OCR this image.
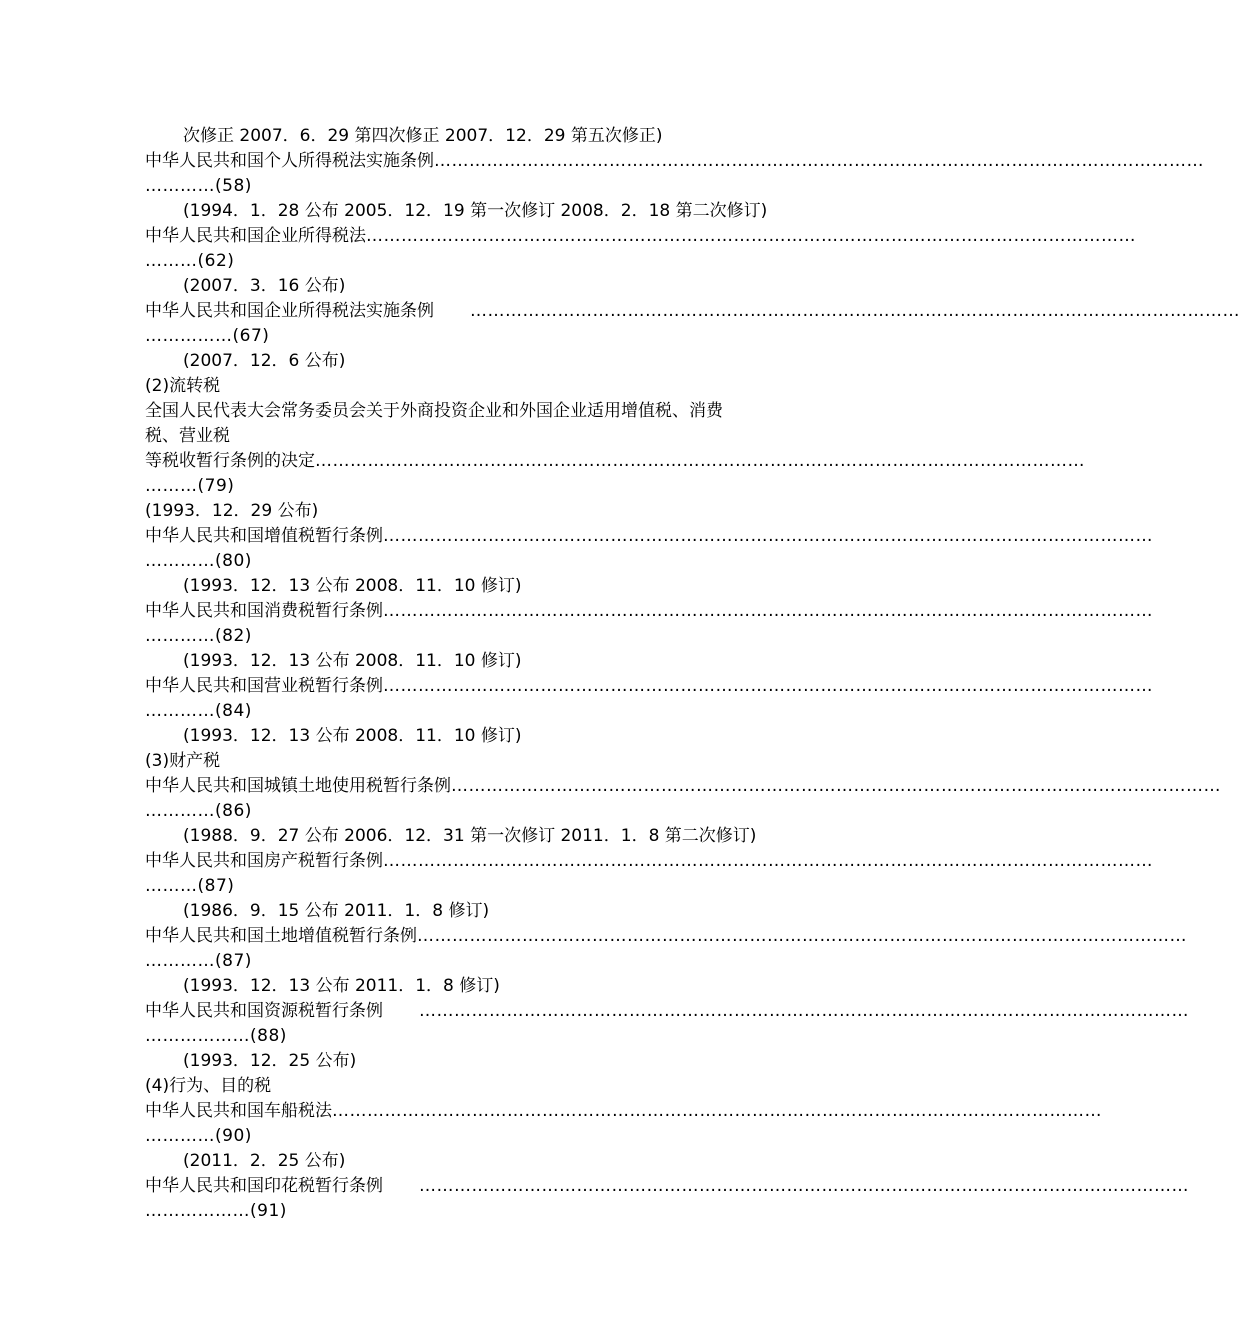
次修正 2007．6．29 第四次修正 2007．12．29 第五次修正)
中华人民共和国个人所得税法实施条例 ……………………………………………………………………………………………………………………
…………(58)
(1994．1．28 公布 2005．12．19 第一次修订 2008．2．18 第二次修订)
中华人民共和国企业所得税法 ……………………………………………………………………………………………………………………
………(62)
(2007．3．16 公布)
中华人民共和国企业所得税法实施条例 ……………………………………………………………………………………………………………………
……………(67)
(2007．12．6 公布)
(2)流转税
全国人民代表大会常务委员会关于外商投资企业和外国企业适用增值税、消费
税、营业税
等税收暂行条例的决定 ……………………………………………………………………………………………………………………
………(79)
(1993．12．29 公布)
中华人民共和国增值税暂行条例 ……………………………………………………………………………………………………………………
…………(80)
(1993．12．13 公布 2008．11．10 修订)
中华人民共和国消费税暂行条例 ……………………………………………………………………………………………………………………
…………(82)
(1993．12．13 公布 2008．11．10 修订)
中华人民共和国营业税暂行条例 ……………………………………………………………………………………………………………………
…………(84)
(1993．12．13 公布 2008．11．10 修订)
(3)财产税
中华人民共和国城镇土地使用税暂行条例 ……………………………………………………………………………………………………………………
…………(86)
(1988．9．27 公布 2006．12．31 第一次修订 2011．1．8 第二次修订)
中华人民共和国房产税暂行条例 ……………………………………………………………………………………………………………………
………(87)
(1986．9．15 公布 2011．1．8 修订)
中华人民共和国土地增值税暂行条例 ……………………………………………………………………………………………………………………
…………(87)
(1993．12．13 公布 2011．1．8 修订)
中华人民共和国资源税暂行条例 ……………………………………………………………………………………………………………………
………………(88)
(1993．12．25 公布)
(4)行为、目的税
中华人民共和国车船税法 ……………………………………………………………………………………………………………………
…………(90)
(2011．2．25 公布)
中华人民共和国印花税暂行条例 ……………………………………………………………………………………………………………………
………………(91)
